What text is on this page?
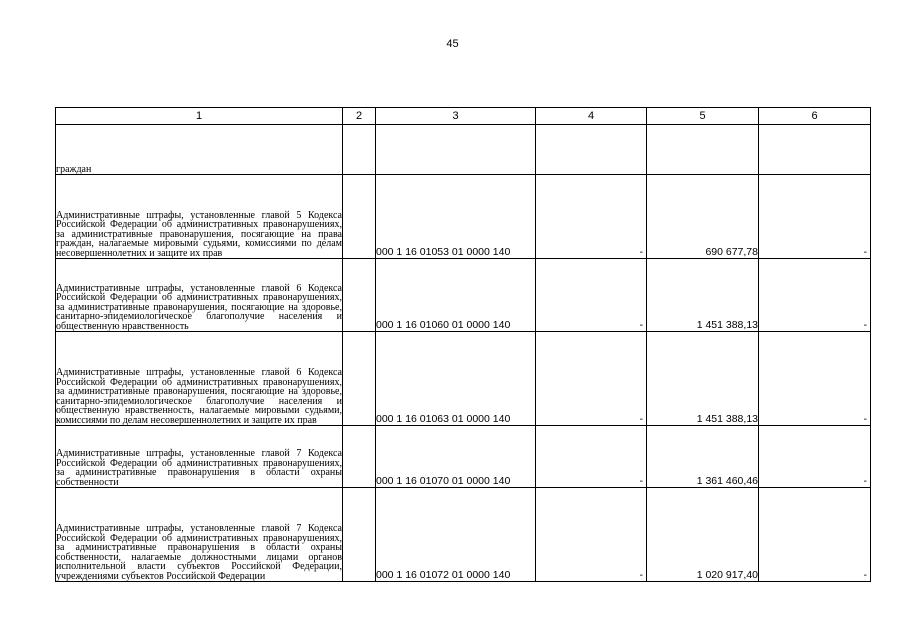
45
1	2	3	4	5	6
граждан					
Административные штрафы, установленные главой 5 Кодекса Российской Федерации об административных правонарушениях, за административные правонарушения, посягающие на права граждан, налагаемые мировыми судьями, комиссиями по делам несовершеннолетних и защите их прав		000 1 16 01053 01 0000 140	-	690 677,78	-
Административные штрафы, установленные главой 6 Кодекса Российской Федерации об административных правонарушениях, за административные правонарушения, посягающие на здоровье, санитарно-эпидемиологическое благополучие населения и общественную нравственность		000 1 16 01060 01 0000 140	-	1 451 388,13	-
Административные штрафы, установленные главой 6 Кодекса Российской Федерации об административных правонарушениях, за административные правонарушения, посягающие на здоровье, санитарно-эпидемиологическое благополучие населения и общественную нравственность, налагаемые мировыми судьями, комиссиями по делам несовершеннолетних и защите их прав		000 1 16 01063 01 0000 140	-	1 451 388,13	-
Административные штрафы, установленные главой 7 Кодекса Российской Федерации об административных правонарушениях, за административные правонарушения в области охраны собственности		000 1 16 01070 01 0000 140	-	1 361 460,46	-
Административные штрафы, установленные главой 7 Кодекса Российской Федерации об административных правонарушениях, за административные правонарушения в области охраны собственности, налагаемые должностными лицами органов исполнительной власти субъектов Российской Федерации, учреждениями субъектов Российской Федерации		000 1 16 01072 01 0000 140	-	1 020 917,40	-
